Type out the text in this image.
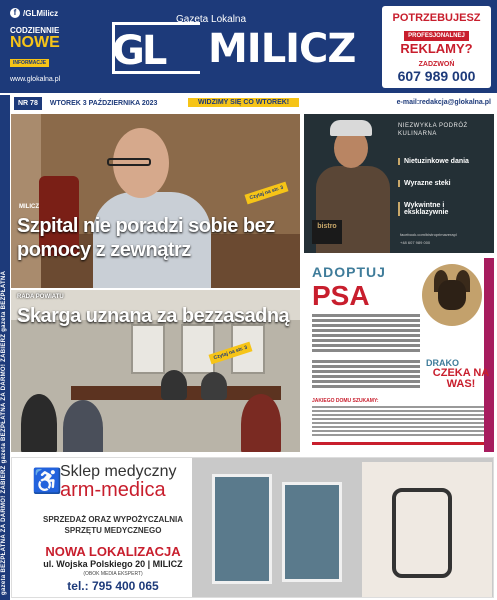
f /GLMilicz
CODZIENNIE
NOWE
INFORMACJE
www.glokalna.pl
Gazeta Lokalna
GL MILICZ
POTRZEBUJESZ
PROFESJONALNEJ
REKLAMY?
ZADZWOŃ
607 989 000
NR 78	WTOREK 3 PAŹDZIERNIKA 2023	WIDZIMY SIĘ CO WTOREK!	e-mail:redakcja@glokalna.pl
gazeta BEZPŁATNA ZA DARMO! ZABIERZ gazeta BEZPŁATNA ZA DARMO! ZABIERZ gazeta BEZPŁATNA
Czytaj na str. 3
MILICZ
Szpital nie poradzi sobie bez pomocy z zewnątrz
RADA POWIATU
Skarga uznana za bezzasadną
Czytaj na str. 3
NIEZWYKŁA PODRÓŻ KULINARNA
Nietuzinkowe dania
Wyrazne steki
Wykwintne i eksklazywnie
bistro
+48 607 989 000
facebook.com/bistroprimaverapl
ADOPTUJ
PSA
DRAKO
CZEKA NA WAS!
JAKIEGO DOMU SZUKAMY:
♿
Sklep medyczny
arm-medica
SPRZEDAŻ ORAZ WYPOŻYCZALNIA SPRZĘTU MEDYCZNEGO
NOWA LOKALIZACJA
ul. Wojska Polskiego 20 | MILICZ
(OBOK MEDIA EKSPERT)
tel.: 795 400 065
